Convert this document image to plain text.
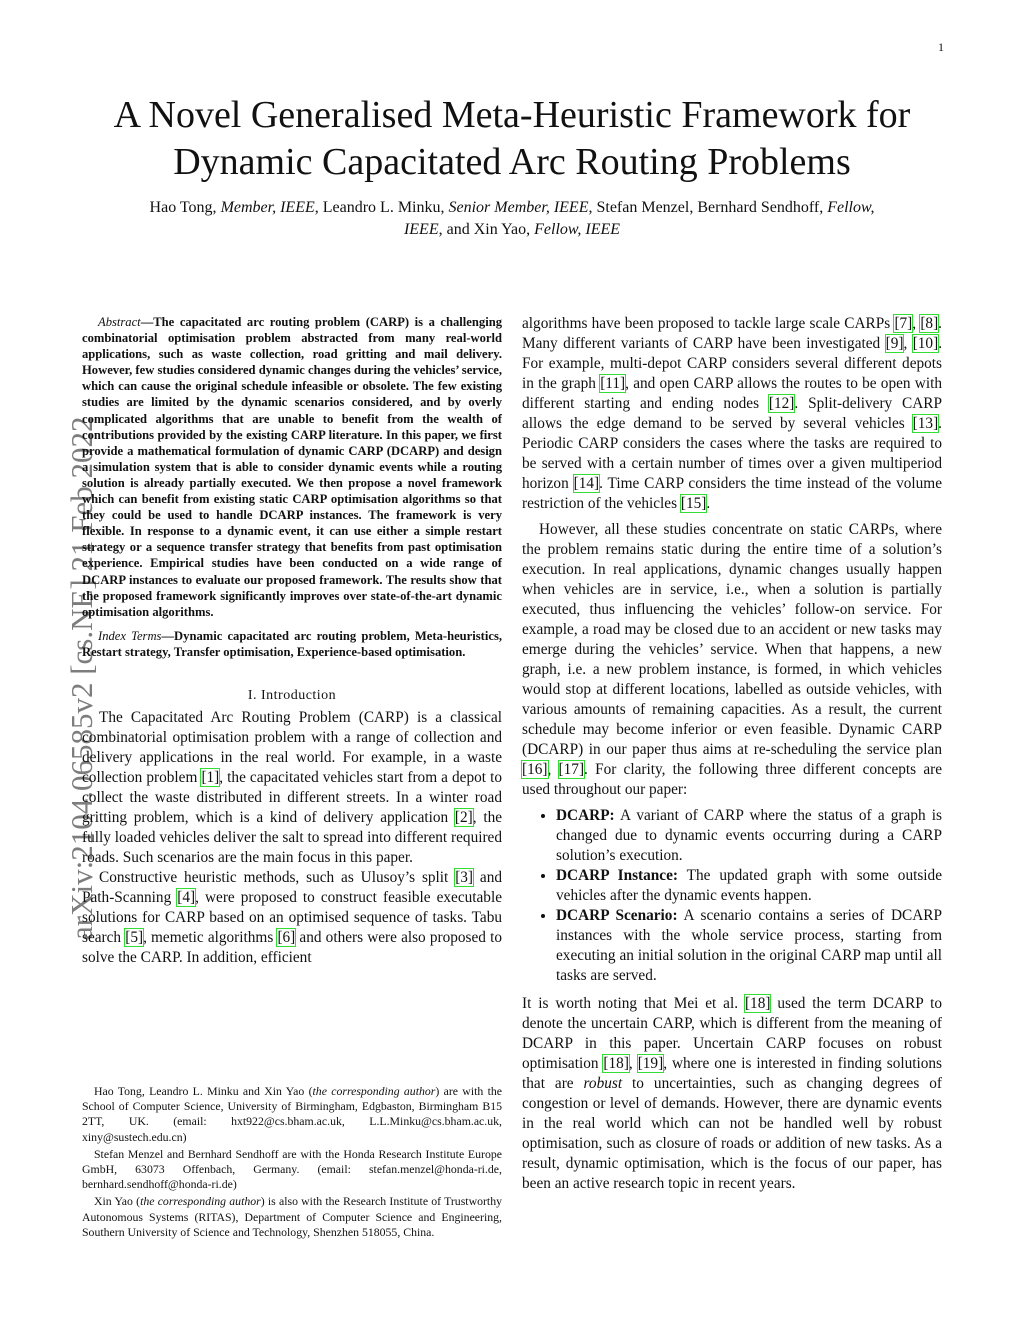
1
arXiv:2104.06585v2 [cs.NE] 21 Feb 2022
A Novel Generalised Meta-Heuristic Framework for
Dynamic Capacitated Arc Routing Problems
Hao Tong, Member, IEEE, Leandro L. Minku, Senior Member, IEEE, Stefan Menzel, Bernhard Sendhoff, Fellow,
IEEE, and Xin Yao, Fellow, IEEE

Abstract—The capacitated arc routing problem (CARP) is a challenging combinatorial optimisation problem abstracted from many real-world applications, such as waste collection, road gritting and mail delivery. However, few studies considered dynamic changes during the vehicles’ service, which can cause the original schedule infeasible or obsolete. The few existing studies are limited by the dynamic scenarios considered, and by overly complicated algorithms that are unable to benefit from the wealth of contributions provided by the existing CARP literature. In this paper, we first provide a mathematical formulation of dynamic CARP (DCARP) and design a simulation system that is able to consider dynamic events while a routing solution is already partially executed. We then propose a novel framework which can benefit from existing static CARP optimisation algorithms so that they could be used to handle DCARP instances. The framework is very flexible. In response to a dynamic event, it can use either a simple restart strategy or a sequence transfer strategy that benefits from past optimisation experience. Empirical studies have been conducted on a wide range of DCARP instances to evaluate our proposed framework. The results show that the proposed framework significantly improves over state-of-the-art dynamic optimisation algorithms.

Index Terms—Dynamic capacitated arc routing problem, Meta-heuristics, Restart strategy, Transfer optimisation, Experience-based optimisation.

I. Introduction

The Capacitated Arc Routing Problem (CARP) is a classical combinatorial optimisation problem with a range of collection and delivery applications in the real world. For example, in a waste collection problem [1], the capacitated vehicles start from a depot to collect the waste distributed in different streets. In a winter road gritting problem, which is a kind of delivery application [2], the fully loaded vehicles deliver the salt to spread into different required roads. Such scenarios are the main focus in this paper.

Constructive heuristic methods, such as Ulusoy’s split [3] and Path-Scanning [4], were proposed to construct feasible executable solutions for CARP based on an optimised sequence of tasks. Tabu search [5], memetic algorithms [6] and others were also proposed to solve the CARP. In addition, efficient

Hao Tong, Leandro L. Minku and Xin Yao (the corresponding author) are with the School of Computer Science, University of Birmingham, Edgbaston, Birmingham B15 2TT, UK. (email: hxt922@cs.bham.ac.uk, L.L.Minku@cs.bham.ac.uk, xiny@sustech.edu.cn)

Stefan Menzel and Bernhard Sendhoff are with the Honda Research Institute Europe GmbH, 63073 Offenbach, Germany. (email: stefan.menzel@honda-ri.de, bernhard.sendhoff@honda-ri.de)

Xin Yao (the corresponding author) is also with the Research Institute of Trustworthy Autonomous Systems (RITAS), Department of Computer Science and Engineering, Southern University of Science and Technology, Shenzhen 518055, China.

algorithms have been proposed to tackle large scale CARPs [7], [8]. Many different variants of CARP have been investigated [9], [10]. For example, multi-depot CARP considers several different depots in the graph [11], and open CARP allows the routes to be open with different starting and ending nodes [12]. Split-delivery CARP allows the edge demand to be served by several vehicles [13]. Periodic CARP considers the cases where the tasks are required to be served with a certain number of times over a given multiperiod horizon [14]. Time CARP considers the time instead of the volume restriction of the vehicles [15].

However, all these studies concentrate on static CARPs, where the problem remains static during the entire time of a solution’s execution. In real applications, dynamic changes usually happen when vehicles are in service, i.e., when a solution is partially executed, thus influencing the vehicles’ follow-on service. For example, a road may be closed due to an accident or new tasks may emerge during the vehicles’ service. When that happens, a new graph, i.e. a new problem instance, is formed, in which vehicles would stop at different locations, labelled as outside vehicles, with various amounts of remaining capacities. As a result, the current schedule may become inferior or even feasible. Dynamic CARP (DCARP) in our paper thus aims at re-scheduling the service plan [16], [17]. For clarity, the following three different concepts are used throughout our paper:

• DCARP: A variant of CARP where the status of a graph is changed due to dynamic events occurring during a CARP solution’s execution.
• DCARP Instance: The updated graph with some outside vehicles after the dynamic events happen.
• DCARP Scenario: A scenario contains a series of DCARP instances with the whole service process, starting from executing an initial solution in the original CARP map until all tasks are served.

It is worth noting that Mei et al. [18] used the term DCARP to denote the uncertain CARP, which is different from the meaning of DCARP in this paper. Uncertain CARP focuses on robust optimisation [18], [19], where one is interested in finding solutions that are robust to uncertainties, such as changing degrees of congestion or level of demands. However, there are dynamic events in the real world which can not be handled well by robust optimisation, such as closure of roads or addition of new tasks. As a result, dynamic optimisation, which is the focus of our paper, has been an active research topic in recent years.
